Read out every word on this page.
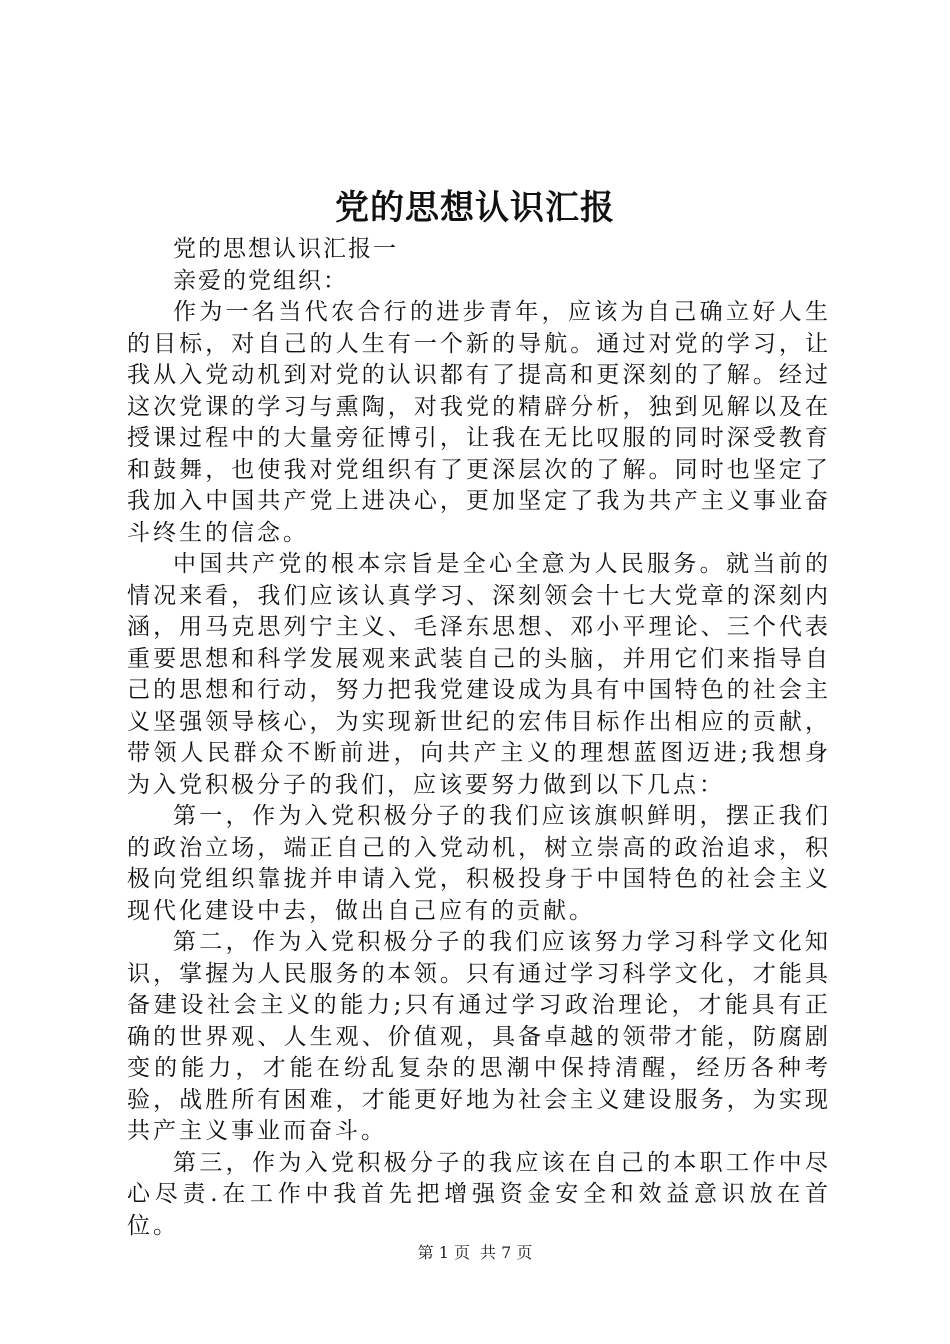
党的思想认识汇报

党的思想认识汇报一

亲爱的党组织：

作为一名当代农合行的进步青年，应该为自己确立好人生的目标，对自己的人生有一个新的导航。通过对党的学习，让我从入党动机到对党的认识都有了提高和更深刻的了解。经过这次党课的学习与熏陶，对我党的精辟分析，独到见解以及在授课过程中的大量旁征博引，让我在无比叹服的同时深受教育和鼓舞，也使我对党组织有了更深层次的了解。同时也坚定了我加入中国共产党上进决心，更加坚定了我为共产主义事业奋斗终生的信念。

中国共产党的根本宗旨是全心全意为人民服务。就当前的情况来看，我们应该认真学习、深刻领会十七大党章的深刻内涵，用马克思列宁主义、毛泽东思想、邓小平理论、三个代表重要思想和科学发展观来武装自己的头脑，并用它们来指导自己的思想和行动，努力把我党建设成为具有中国特色的社会主义坚强领导核心，为实现新世纪的宏伟目标作出相应的贡献，带领人民群众不断前进，向共产主义的理想蓝图迈进;我想身为入党积极分子的我们，应该要努力做到以下几点：

第一，作为入党积极分子的我们应该旗帜鲜明，摆正我们的政治立场，端正自己的入党动机，树立崇高的政治追求，积极向党组织靠拢并申请入党，积极投身于中国特色的社会主义现代化建设中去，做出自己应有的贡献。

第二，作为入党积极分子的我们应该努力学习科学文化知识，掌握为人民服务的本领。只有通过学习科学文化，才能具备建设社会主义的能力;只有通过学习政治理论，才能具有正确的世界观、人生观、价值观，具备卓越的领带才能，防腐剧变的能力，才能在纷乱复杂的思潮中保持清醒，经历各种考验，战胜所有困难，才能更好地为社会主义建设服务，为实现共产主义事业而奋斗。

第三，作为入党积极分子的我应该在自己的本职工作中尽心尽责.在工作中我首先把增强资金安全和效益意识放在首位。

第 1 页 共 7 页
